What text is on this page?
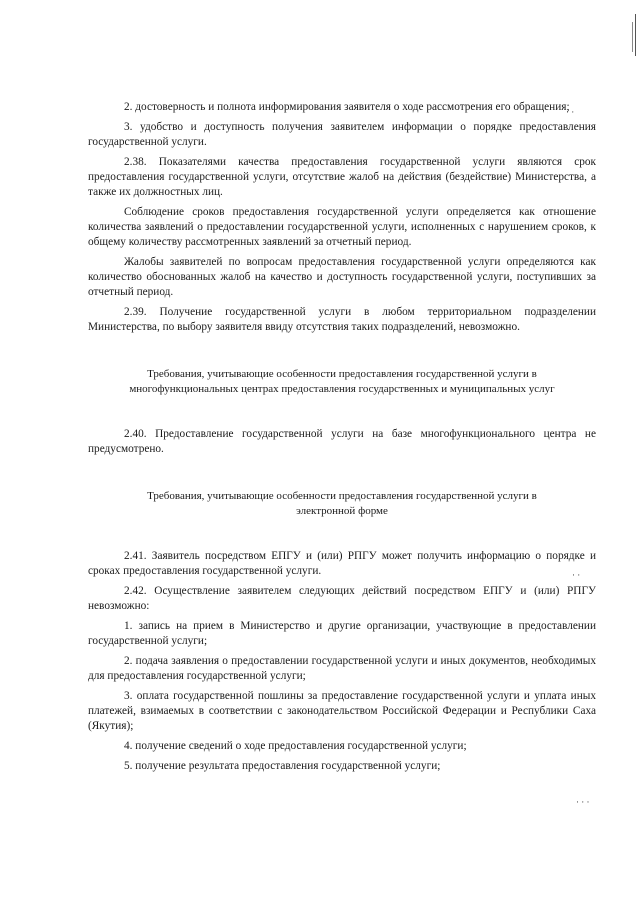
2. достоверность и полнота информирования заявителя о ходе рассмотрения его обращения;

3. удобство и доступность получения заявителем информации о порядке предоставления государственной услуги.

2.38. Показателями качества предоставления государственной услуги являются срок предоставления государственной услуги, отсутствие жалоб на действия (бездействие) Министерства, а также их должностных лиц.

Соблюдение сроков предоставления государственной услуги определяется как отношение количества заявлений о предоставлении государственной услуги, исполненных с нарушением сроков, к общему количеству рассмотренных заявлений за отчетный период.

Жалобы заявителей по вопросам предоставления государственной услуги определяются как количество обоснованных жалоб на качество и доступность государственной услуги, поступивших за отчетный период.

2.39. Получение государственной услуги в любом территориальном подразделении Министерства, по выбору заявителя ввиду отсутствия таких подразделений, невозможно.

Требования, учитывающие особенности предоставления государственной услуги в
многофункциональных центрах предоставления государственных и муниципальных услуг

2.40. Предоставление государственной услуги на базе многофункционального центра не предусмотрено.

Требования, учитывающие особенности предоставления государственной услуги в
электронной форме

2.41. Заявитель посредством ЕПГУ и (или) РПГУ может получить информацию о порядке и сроках предоставления государственной услуги.

2.42. Осуществление заявителем следующих действий посредством ЕПГУ и (или) РПГУ невозможно:

1. запись на прием в Министерство и другие организации, участвующие в предоставлении государственной услуги;

2. подача заявления о предоставлении государственной услуги и иных документов, необходимых для предоставления государственной услуги;

3. оплата государственной пошлины за предоставление государственной услуги и уплата иных платежей, взимаемых в соответствии с законодательством Российской Федерации и Республики Саха (Якутия);

4. получение сведений о ходе предоставления государственной услуги;

5. получение результата предоставления государственной услуги;

· ·
· ·
· · ·
